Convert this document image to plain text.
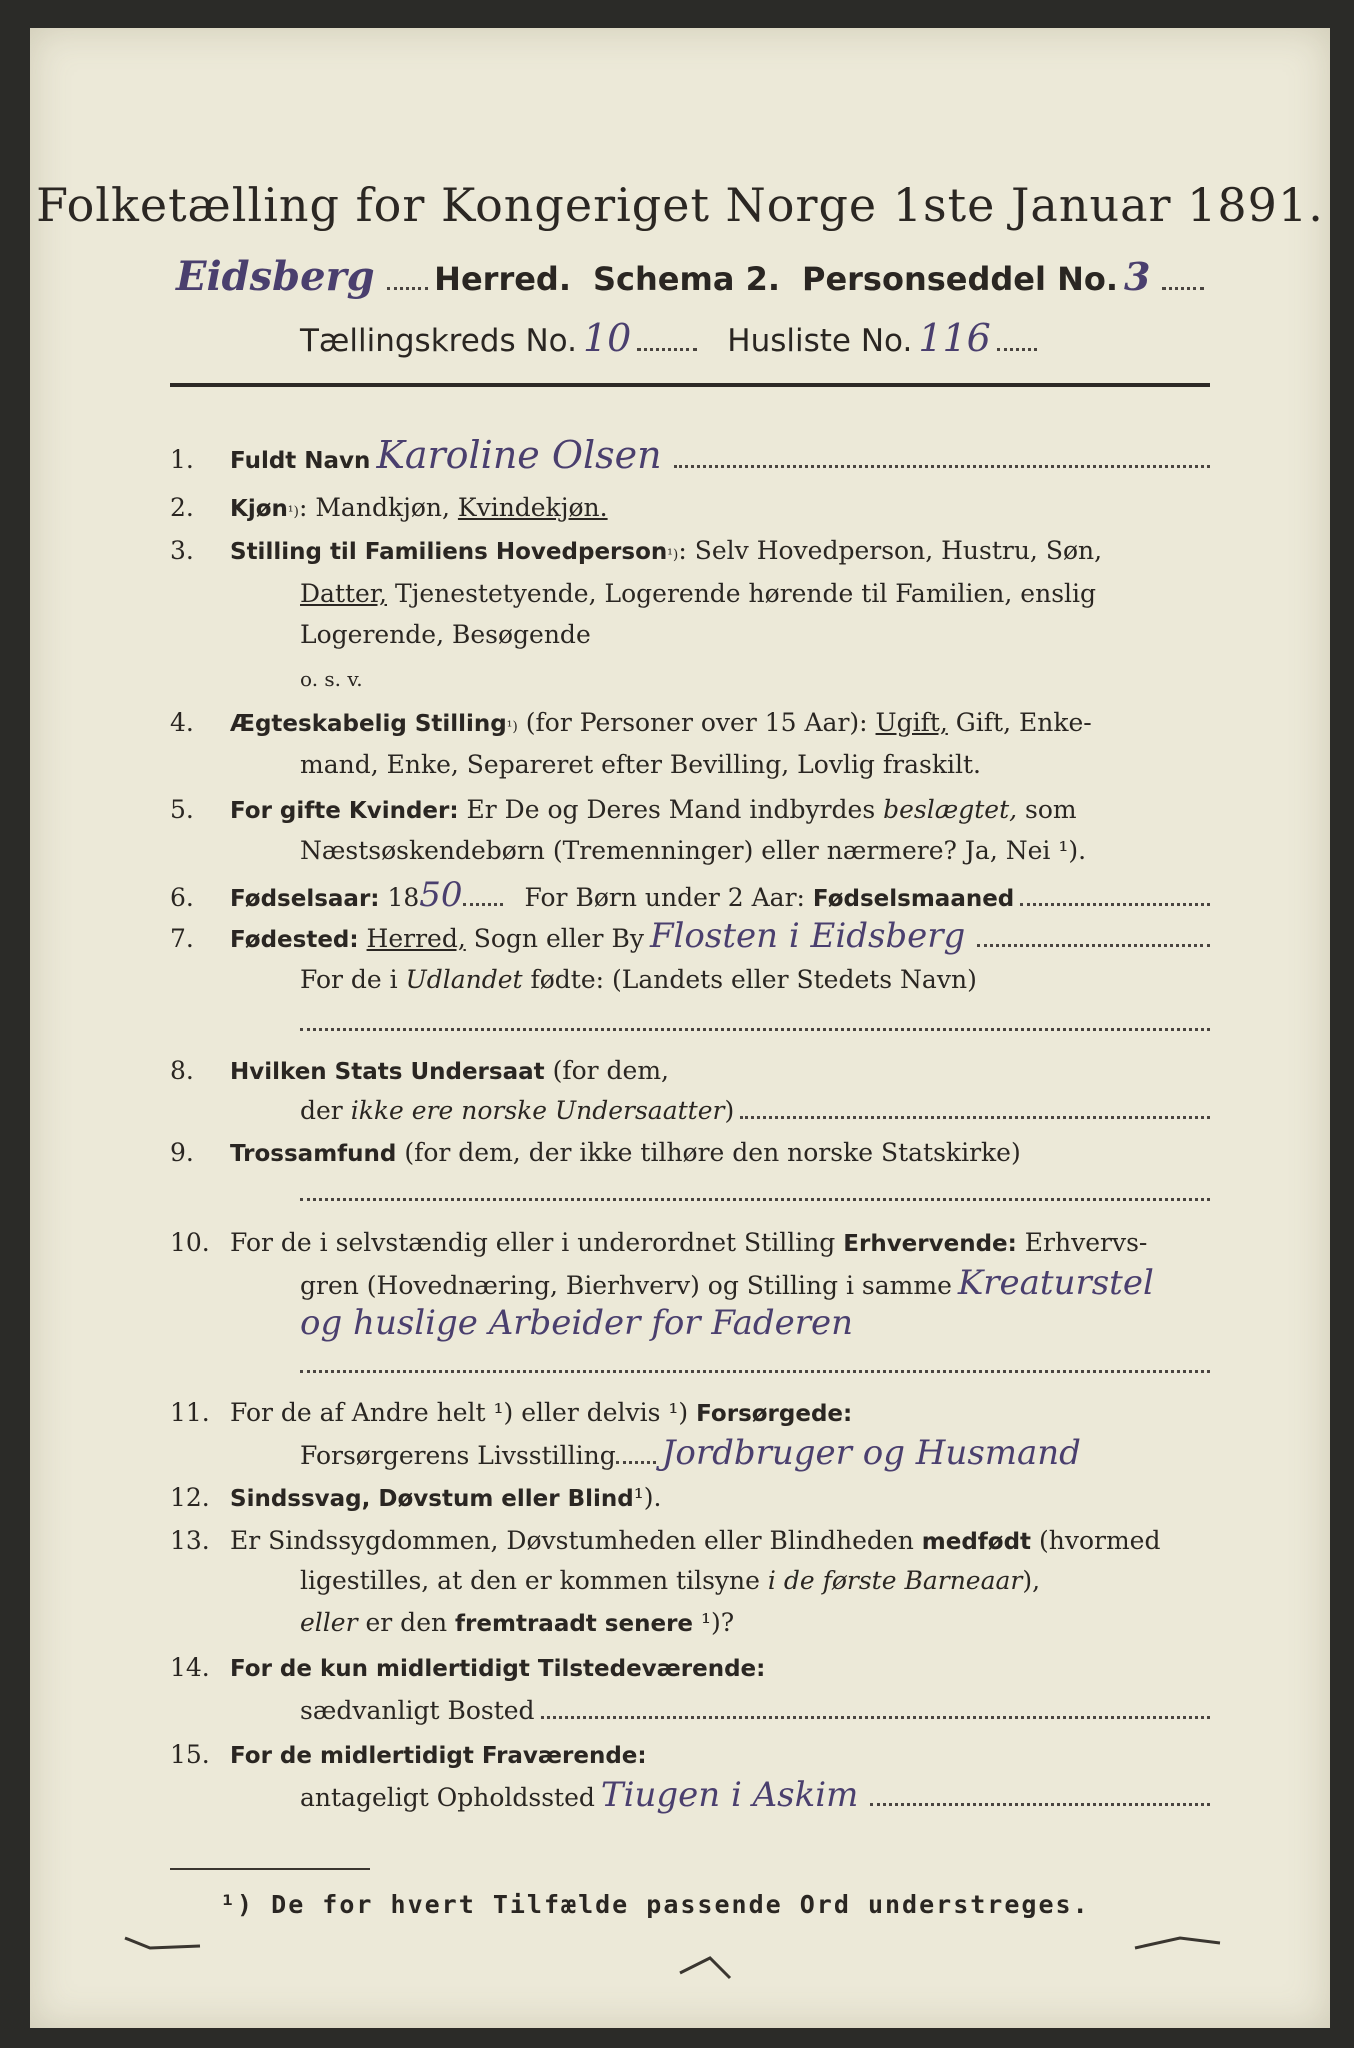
Folketælling for Kongeriget Norge 1ste Januar 1891.
Eidsberg Herred. Schema 2. Personseddel No. 3
Tællingskreds No. 10	Husliste No. 116
1.	Fuldt Navn Karoline Olsen
2.	Kjøn ¹) : Mandkjøn,
Kvindekjøn.
3.	Stilling til Familiens Hovedperson ¹) : Selv Hovedperson, Hustru, Søn,
Datter, Tjenestetyende, Logerende hørende til Familien, enslig
Logerende, Besøgende
o. s. v.
4.	Ægteskabelig Stilling ¹) (for Personer over 15 Aar): Ugift, Gift, Enke-
mand, Enke, Separeret efter Bevilling, Lovlig fraskilt.
5.	For gifte Kvinder: Er De og Deres Mand indbyrdes beslægtet, som
Næstsøskendebørn (Tremenninger) eller nærmere? Ja, Nei ¹).
6.	Fødselsaar: 18 50 For Børn under 2 Aar:
Fødselsmaaned
7.	Fødested:
Herred, Sogn eller By Flosten i Eidsberg
For de i Udlandet fødte: (Landets eller Stedets Navn)
8.	Hvilken Stats Undersaat (for dem,
der ikke ere norske Undersaatter )
9.	Trossamfund (for dem, der ikke tilhøre den norske Statskirke)
10. For de i selvstændig eller i underordnet Stilling Erhvervende: Erhvervs-
gren (Hovednæring, Bierhverv) og Stilling i samme Kreaturstel
og huslige Arbeider for Faderen
11. For de af Andre helt ¹) eller delvis ¹) Forsørgede:
Forsørgerens Livsstilling Jordbruger og Husmand
12. Sindssvag, Døvstum eller Blind ¹).
13. Er Sindssygdommen, Døvstumheden eller Blindheden medfødt (hvormed
ligestilles, at den er kommen tilsyne i de første Barneaar ),
eller er den fremtraadt senere ¹)?
14. For de kun midlertidigt Tilstedeværende:
sædvanligt Bosted
15. For de midlertidigt Fraværende:
antageligt Opholdssted Tiugen i Askim
¹) De for hvert Tilfælde passende Ord understreges.
